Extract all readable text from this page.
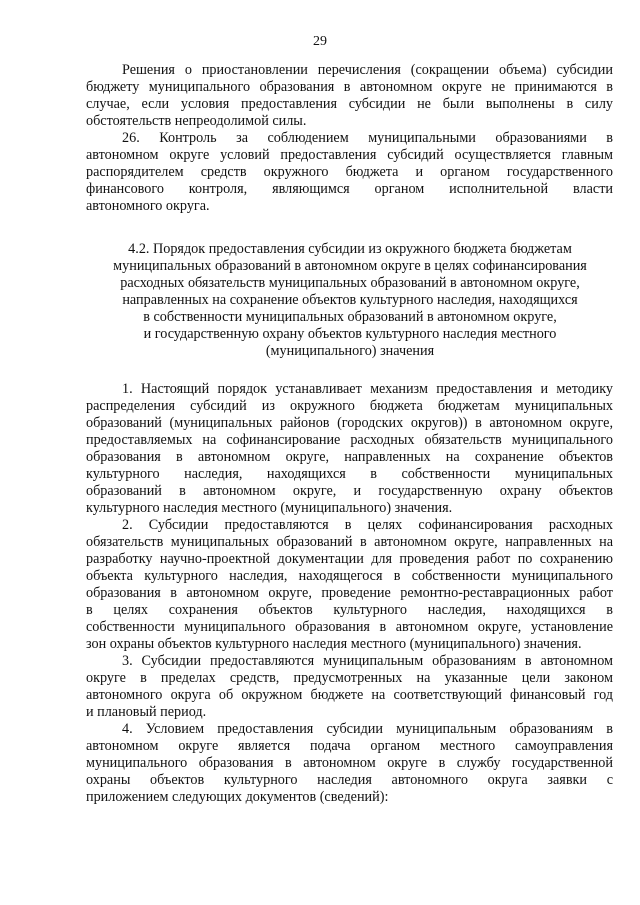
29
Решения о приостановлении перечисления (сокращении объема) субсидии
бюджету муниципального образования в автономном округе не принимаются в
случае, если условия предоставления субсидии не были выполнены в силу
обстоятельств непреодолимой силы.
26. Контроль за соблюдением муниципальными образованиями в
автономном округе условий предоставления субсидий осуществляется главным
распорядителем средств окружного бюджета и органом государственного
финансового контроля, являющимся органом исполнительной власти
автономного округа.
4.2. Порядок предоставления субсидии из окружного бюджета бюджетам
муниципальных образований в автономном округе в целях софинансирования
расходных обязательств муниципальных образований в автономном округе,
направленных на сохранение объектов культурного наследия, находящихся
в собственности муниципальных образований в автономном округе,
и государственную охрану объектов культурного наследия местного
(муниципального) значения
1. Настоящий порядок устанавливает механизм предоставления и методику
распределения субсидий из окружного бюджета бюджетам муниципальных
образований (муниципальных районов (городских округов)) в автономном округе,
предоставляемых на софинансирование расходных обязательств муниципального
образования в автономном округе, направленных на сохранение объектов
культурного наследия, находящихся в собственности муниципальных
образований в автономном округе, и государственную охрану объектов
культурного наследия местного (муниципального) значения.
2. Субсидии предоставляются в целях софинансирования расходных
обязательств муниципальных образований в автономном округе, направленных на
разработку научно-проектной документации для проведения работ по сохранению
объекта культурного наследия, находящегося в собственности муниципального
образования в автономном округе, проведение ремонтно-реставрационных работ
в целях сохранения объектов культурного наследия, находящихся в
собственности муниципального образования в автономном округе, установление
зон охраны объектов культурного наследия местного (муниципального) значения.
3. Субсидии предоставляются муниципальным образованиям в автономном
округе в пределах средств, предусмотренных на указанные цели законом
автономного округа об окружном бюджете на соответствующий финансовый год
и плановый период.
4. Условием предоставления субсидии муниципальным образованиям в
автономном округе является подача органом местного самоуправления
муниципального образования в автономном округе в службу государственной
охраны объектов культурного наследия автономного округа заявки с
приложением следующих документов (сведений):
